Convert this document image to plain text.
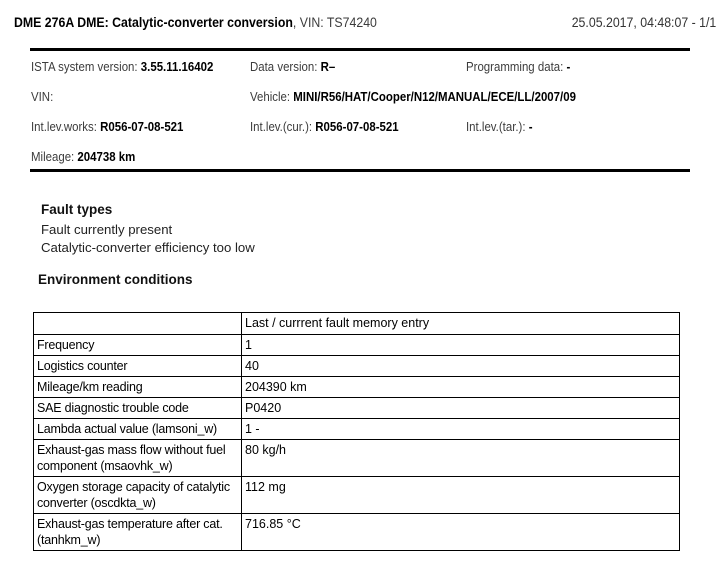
DME 276A DME: Catalytic-converter conversion, VIN: TS74240	25.05.2017, 04:48:07 - 1/1
ISTA system version: 3.55.11.16402	Data version: R–	Programming data: -
VIN:	Vehicle: MINI/R56/HAT/Cooper/N12/MANUAL/ECE/LL/2007/09
Int.lev.works: R056-07-08-521	Int.lev.(cur.): R056-07-08-521	Int.lev.(tar.): -
Mileage: 204738 km
Fault types
Fault currently present
Catalytic-converter efficiency too low
Environment conditions
	Last / currrent fault memory entry
Frequency	1
Logistics counter	40
Mileage/km reading	204390 km
SAE diagnostic trouble code	P0420
Lambda actual value (lamsoni_w)	1 -
Exhaust-gas mass flow without fuel component (msaovhk_w)	80 kg/h
Oxygen storage capacity of catalytic converter (oscdkta_w)	112 mg
Exhaust-gas temperature after cat. (tanhkm_w)	716.85 °C
